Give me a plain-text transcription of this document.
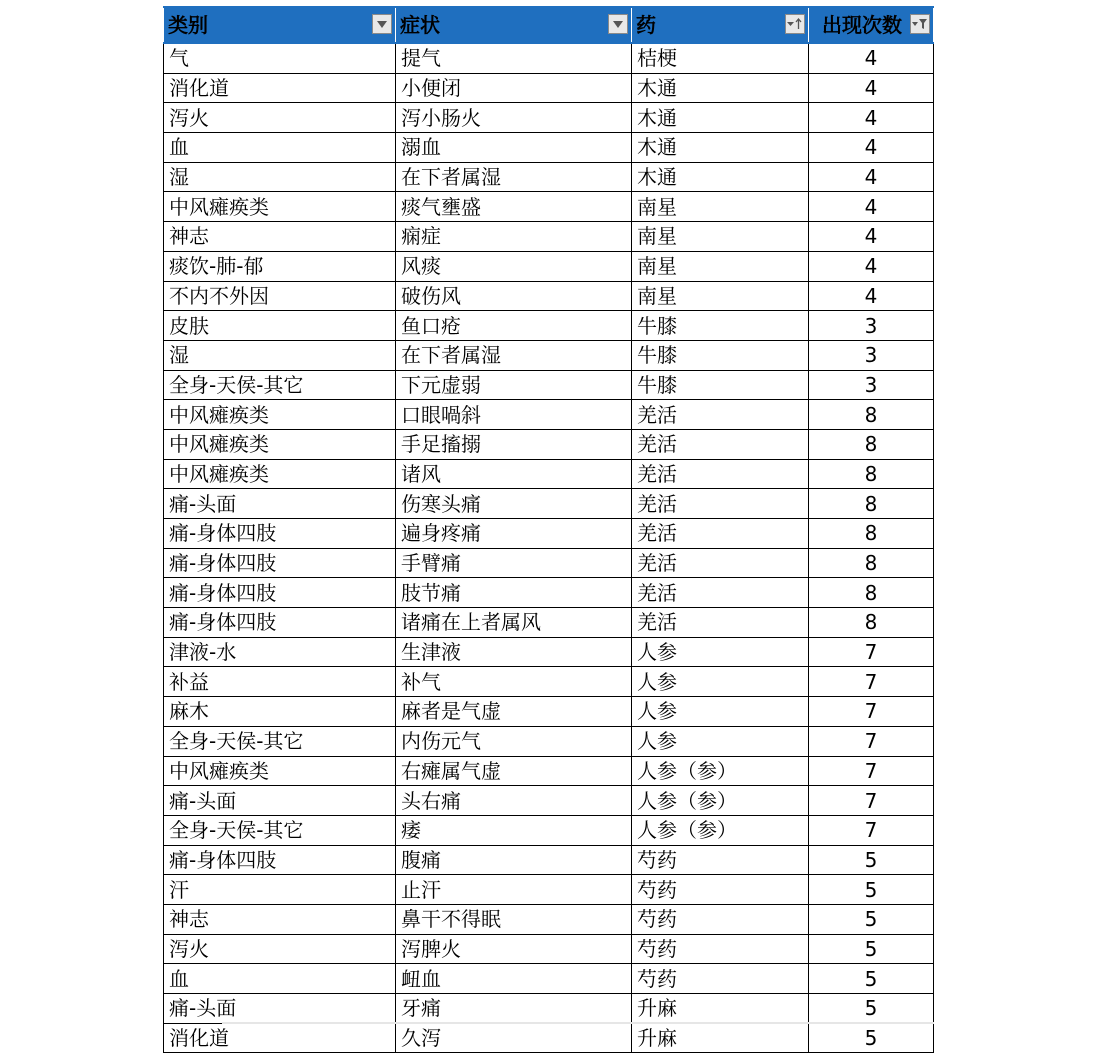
类别	症状	药	出现次数

气	提气	桔梗	4
消化道	小便闭	木通	4
泻火	泻小肠火	木通	4
血	溺血	木通	4
湿	在下者属湿	木通	4
中风瘫痪类	痰气壅盛	南星	4
神志	痫症	南星	4
痰饮-肺-郁	风痰	南星	4
不内不外因	破伤风	南星	4
皮肤	鱼口疮	牛膝	3
湿	在下者属湿	牛膝	3
全身-天侯-其它	下元虚弱	牛膝	3
中风瘫痪类	口眼喎斜	羌活	8
中风瘫痪类	手足搐搦	羌活	8
中风瘫痪类	诸风	羌活	8
痛-头面	伤寒头痛	羌活	8
痛-身体四肢	遍身疼痛	羌活	8
痛-身体四肢	手臂痛	羌活	8
痛-身体四肢	肢节痛	羌活	8
痛-身体四肢	诸痛在上者属风	羌活	8
津液-水	生津液	人参	7
补益	补气	人参	7
麻木	麻者是气虚	人参	7
全身-天侯-其它	内伤元气	人参	7
中风瘫痪类	右瘫属气虚	人参（参）	7
痛-头面	头右痛	人参（参）	7
全身-天侯-其它	痿	人参（参）	7
痛-身体四肢	腹痛	芍药	5
汗	止汗	芍药	5
神志	鼻干不得眠	芍药	5
泻火	泻脾火	芍药	5
血	衄血	芍药	5
痛-头面	牙痛	升麻	5
消化道	久泻	升麻	5
